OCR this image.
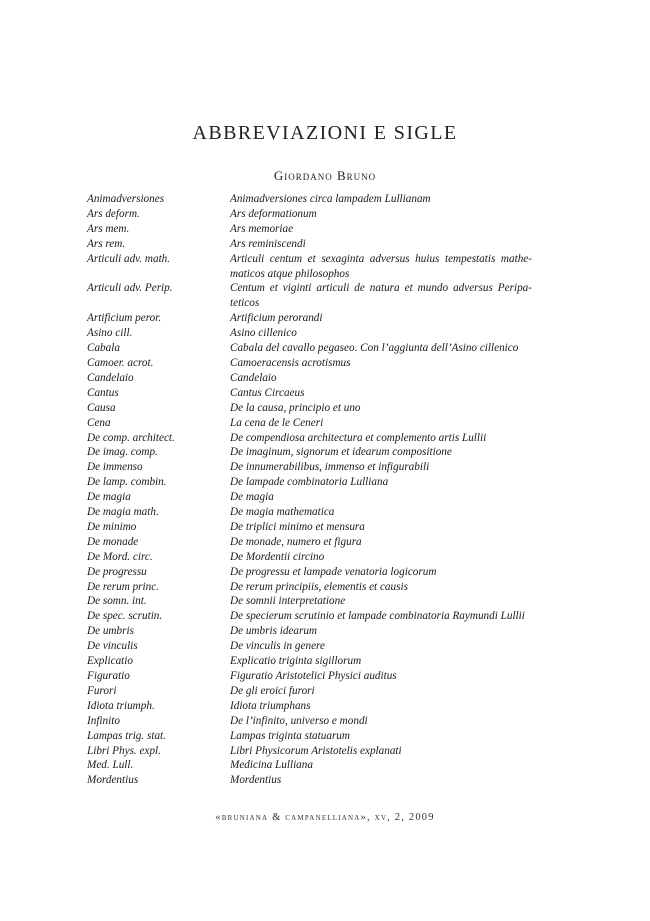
ABBREVIAZIONI E SIGLE
Giordano Bruno
Animadversiones	Animadversiones circa lampadem Lullianam
Ars deform.	Ars deformationum
Ars mem.	Ars memoriae
Ars rem.	Ars reminiscendi
Articuli adv. math.	Articuli centum et sexaginta adversus huius tempestatis mathematicos atque philosophos
Articuli adv. Perip.	Centum et viginti articuli de natura et mundo adversus Peripateticos
Artificium peror.	Artificium perorandi
Asino cill.	Asino cillenico
Cabala	Cabala del cavallo pegaseo. Con l’aggiunta dell’Asino cillenico
Camoer. acrot.	Camoeracensis acrotismus
Candelaio	Candelaio
Cantus	Cantus Circaeus
Causa	De la causa, principio et uno
Cena	La cena de le Ceneri
De comp. architect.	De compendiosa architectura et complemento artis Lullii
De imag. comp.	De imaginum, signorum et idearum compositione
De immenso	De innumerabilibus, immenso et infigurabili
De lamp. combin.	De lampade combinatoria Lulliana
De magia	De magia
De magia math.	De magia mathematica
De minimo	De triplici minimo et mensura
De monade	De monade, numero et figura
De Mord. circ.	De Mordentii circino
De progressu	De progressu et lampade venatoria logicorum
De rerum princ.	De rerum principiis, elementis et causis
De somn. int.	De somnii interpretatione
De spec. scrutin.	De specierum scrutinio et lampade combinatoria Raymundi Lullii
De umbris	De umbris idearum
De vinculis	De vinculis in genere
Explicatio	Explicatio triginta sigillorum
Figuratio	Figuratio Aristotelici Physici auditus
Furori	De gli eroici furori
Idiota triumph.	Idiota triumphans
Infinito	De l’infinito, universo e mondi
Lampas trig. stat.	Lampas triginta statuarum
Libri Phys. expl.	Libri Physicorum Aristotelis explanati
Med. Lull.	Medicina Lulliana
Mordentius	Mordentius
«bruniana & campanelliana», xv, 2, 2009
